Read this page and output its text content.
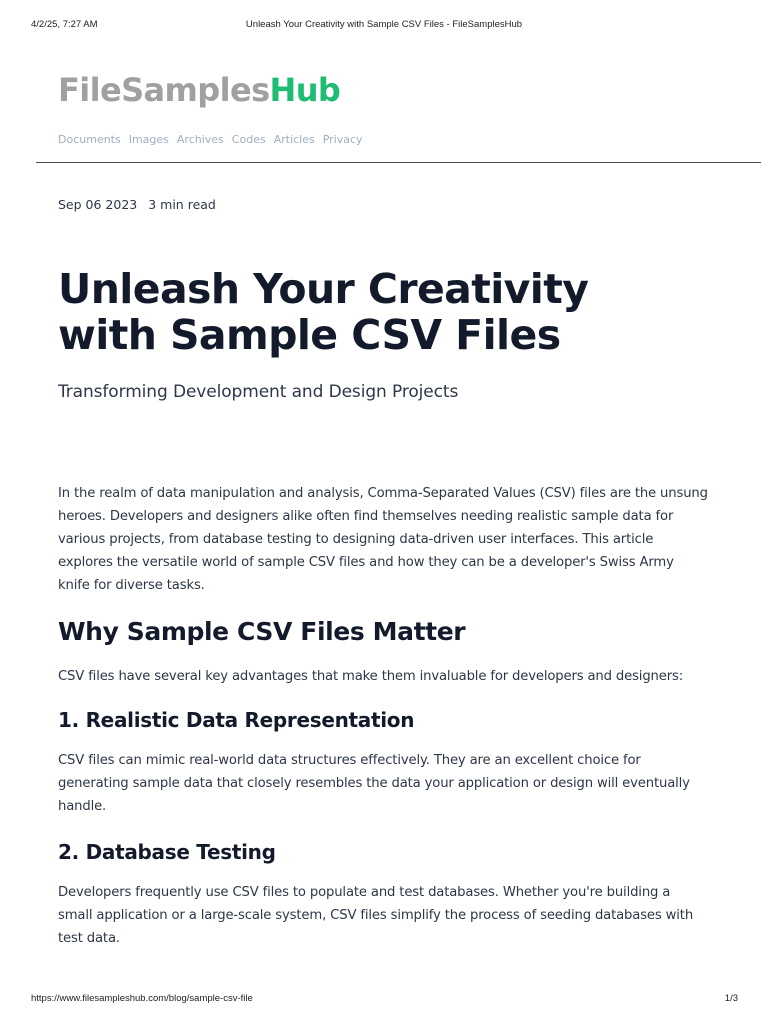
4/2/25, 7:27 AM	Unleash Your Creativity with Sample CSV Files - FileSamplesHub
FileSamplesHub
Documents Images Archives Codes Articles Privacy
Sep 06 2023 3 min read
Unleash Your Creativity with Sample CSV Files
Transforming Development and Design Projects

In the realm of data manipulation and analysis, Comma-Separated Values (CSV) files are the unsung heroes. Developers and designers alike often find themselves needing realistic sample data for various projects, from database testing to designing data-driven user interfaces. This article explores the versatile world of sample CSV files and how they can be a developer's Swiss Army knife for diverse tasks.

Why Sample CSV Files Matter

CSV files have several key advantages that make them invaluable for developers and designers:

1. Realistic Data Representation

CSV files can mimic real-world data structures effectively. They are an excellent choice for generating sample data that closely resembles the data your application or design will eventually handle.

2. Database Testing

Developers frequently use CSV files to populate and test databases. Whether you're building a small application or a large-scale system, CSV files simplify the process of seeding databases with test data.

https://www.filesampleshub.com/blog/sample-csv-file	1/3
